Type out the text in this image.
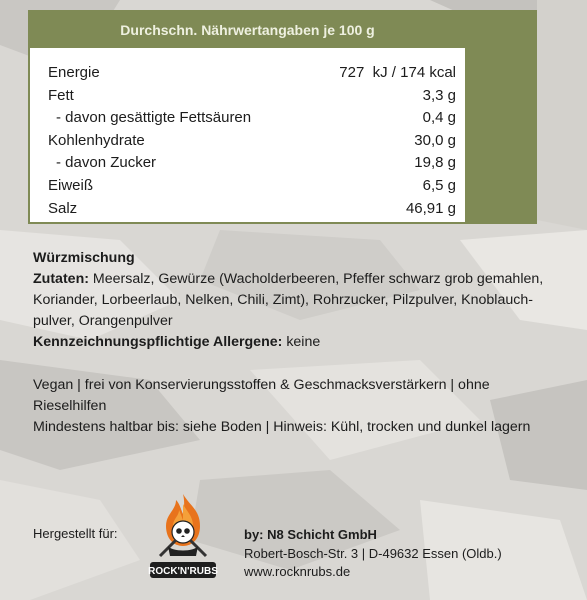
Durchschn. Nährwertangaben je 100 g
Energie	727  kJ / 174 kcal
Fett	3,3 g
- davon gesättigte Fettsäuren	0,4 g
Kohlenhydrate	30,0 g
- davon Zucker	19,8 g
Eiweiß	6,5 g
Salz	46,91 g

Würzmischung

Zutaten: Meersalz, Gewürze (Wacholderbeeren, Pfeffer schwarz grob gemahlen, Koriander, Lorbeerlaub, Nelken, Chili, Zimt), Rohrzucker, Pilzpulver, Knoblauch-pulver, Orangenpulver

Kennzeichnungspflichtige Allergene: keine

Vegan | frei von Konservierungsstoffen & Geschmacksverstärkern | ohne Rieselhilfen

Mindestens haltbar bis: siehe Boden | Hinweis: Kühl, trocken und dunkel lagern

Hergestellt für:
ROCK'N'RUBS
by: N8 Schicht GmbH
Robert-Bosch-Str. 3 | D-49632 Essen (Oldb.)
www.rocknrubs.de
